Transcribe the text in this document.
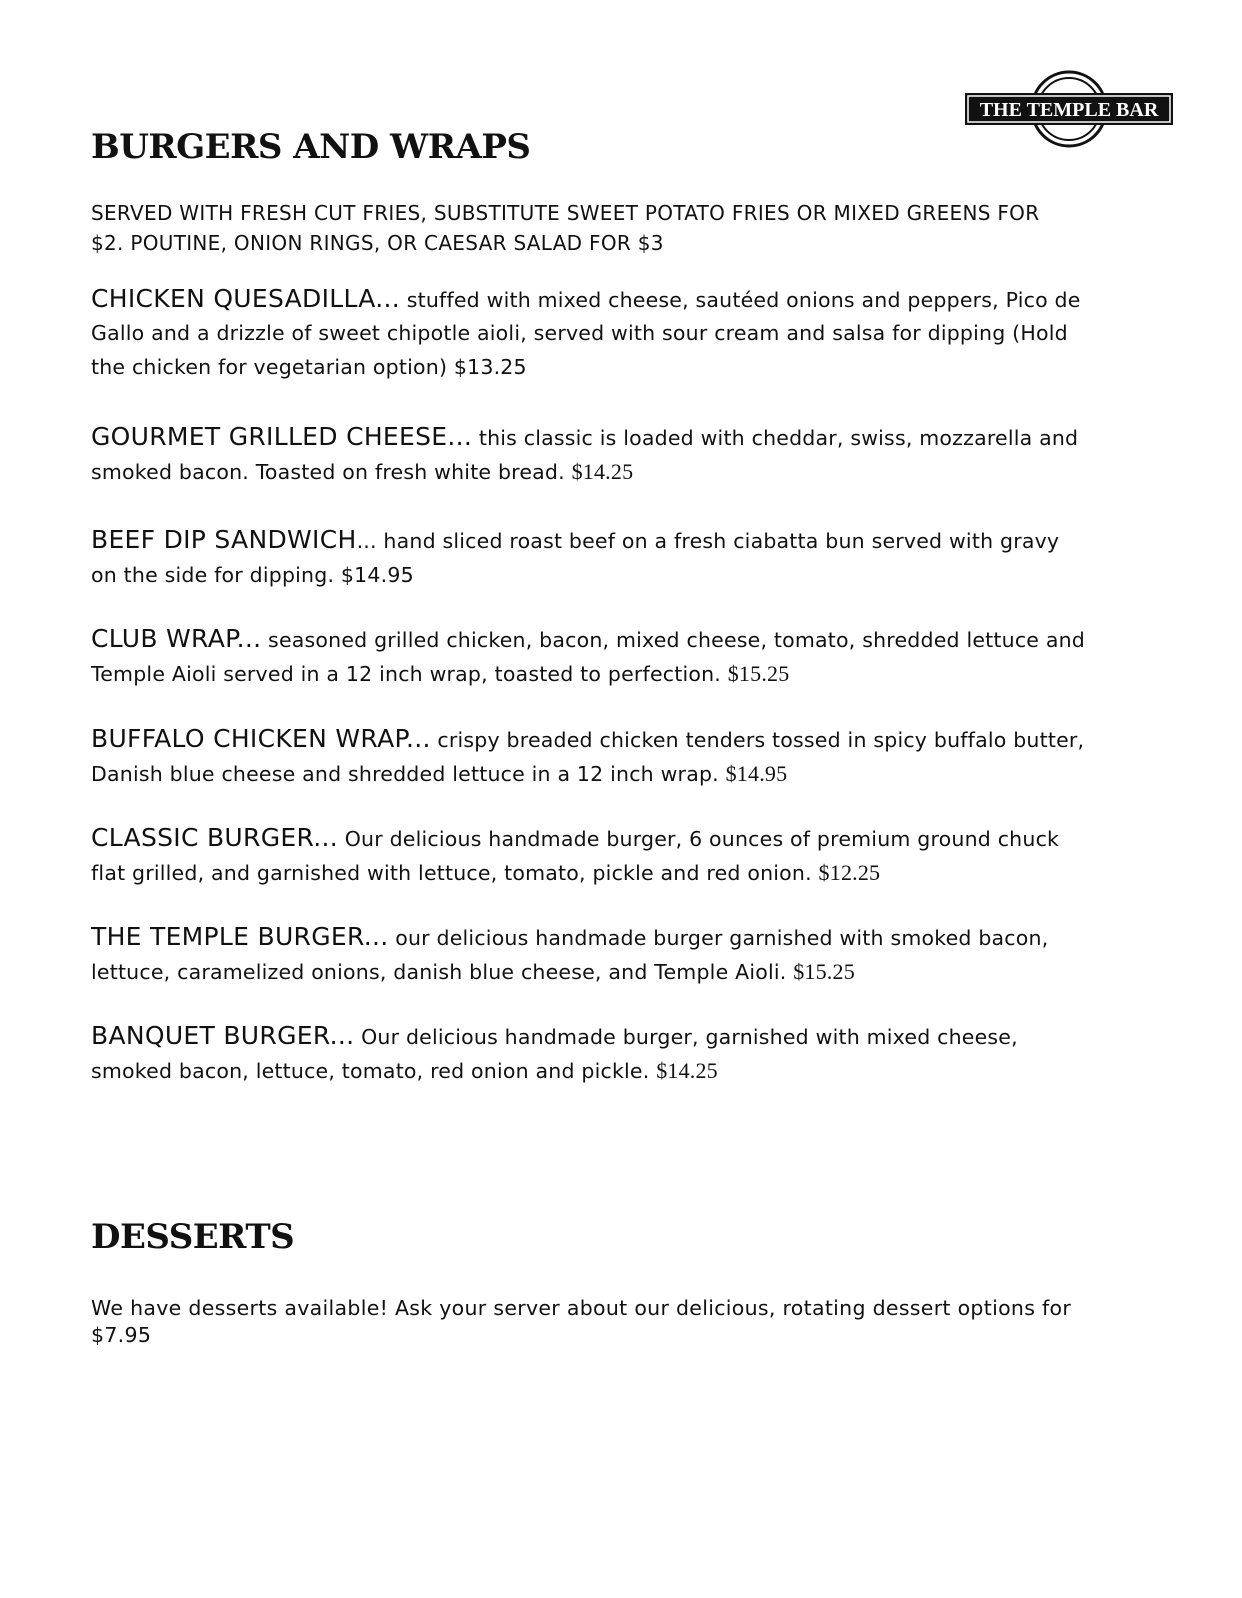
THE TEMPLE BAR
BURGERS AND WRAPS
SERVED WITH FRESH CUT FRIES, SUBSTITUTE SWEET POTATO FRIES OR MIXED GREENS FOR $2. POUTINE, ONION RINGS, OR CAESAR SALAD FOR $3

CHICKEN QUESADILLA... stuffed with mixed cheese, sautéed onions and peppers, Pico de Gallo and a drizzle of sweet chipotle aioli, served with sour cream and salsa for dipping (Hold the chicken for vegetarian option) $13.25

GOURMET GRILLED CHEESE... this classic is loaded with cheddar, swiss, mozzarella and smoked bacon. Toasted on fresh white bread. $14.25

BEEF DIP SANDWICH... hand sliced roast beef on a fresh ciabatta bun served with gravy on the side for dipping. $14.95

CLUB WRAP... seasoned grilled chicken, bacon, mixed cheese, tomato, shredded lettuce and Temple Aioli served in a 12 inch wrap, toasted to perfection. $15.25

BUFFALO CHICKEN WRAP... crispy breaded chicken tenders tossed in spicy buffalo butter, Danish blue cheese and shredded lettuce in a 12 inch wrap. $14.95

CLASSIC BURGER... Our delicious handmade burger, 6 ounces of premium ground chuck flat grilled, and garnished with lettuce, tomato, pickle and red onion. $12.25

THE TEMPLE BURGER... our delicious handmade burger garnished with smoked bacon, lettuce, caramelized onions, danish blue cheese, and Temple Aioli. $15.25

BANQUET BURGER... Our delicious handmade burger, garnished with mixed cheese, smoked bacon, lettuce, tomato, red onion and pickle. $14.25

DESSERTS
We have desserts available! Ask your server about our delicious, rotating dessert options for $7.95
